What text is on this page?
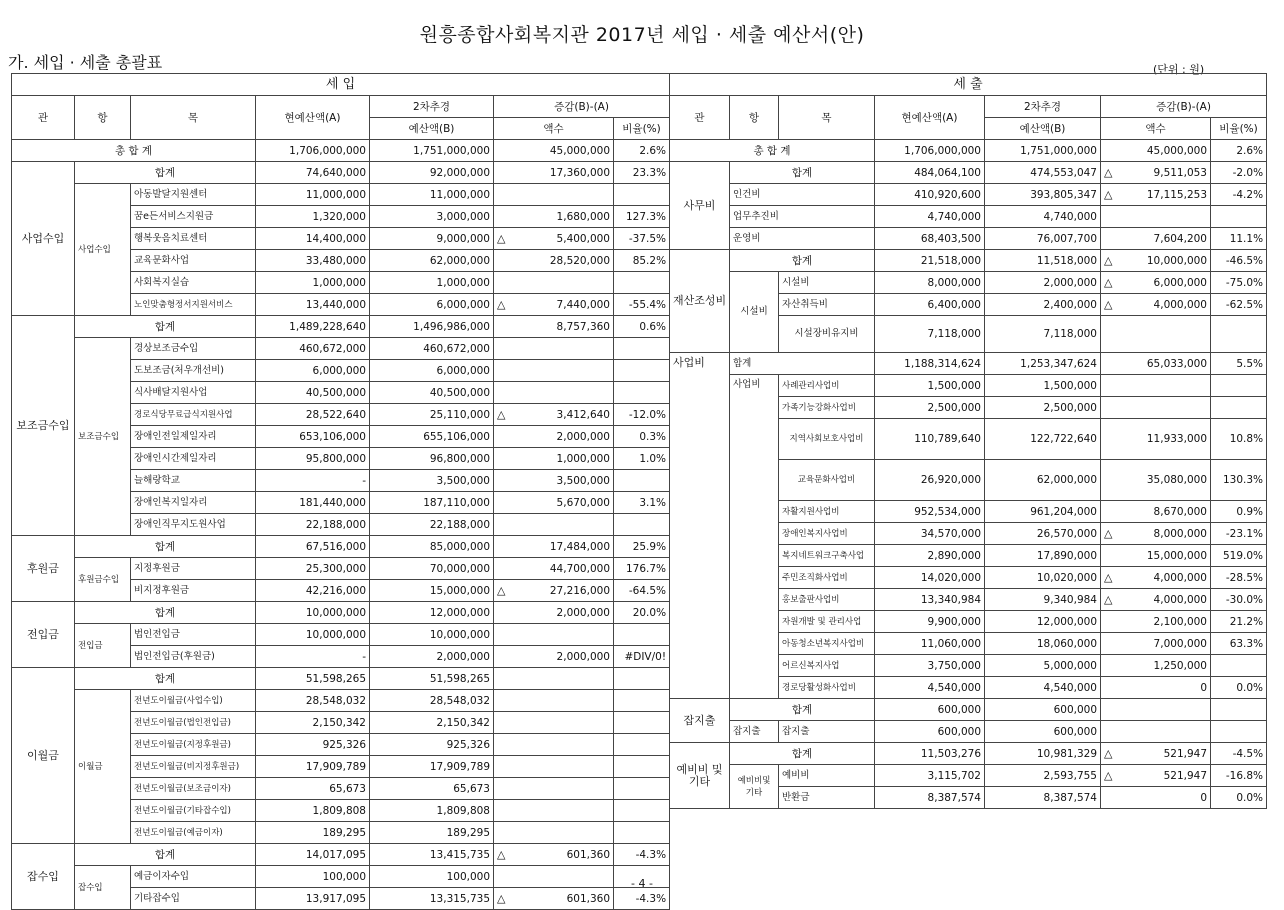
원흥종합사회복지관 2017년 세입 · 세출 예산서(안)
가. 세입 · 세출 총괄표	(단위 : 원)
세 입						
관	항	목	현예산액(A)	2차추경	증감(B)-(A)	
				예산액(B)	액수	비율(%)
총 합 계			1,706,000,000	1,751,000,000	45,000,000	2.6%
사업수입	합계		74,640,000	92,000,000	17,360,000	23.3%
	사업수입	아동발달지원센터	11,000,000	11,000,000		
		꿈e든서비스지원금	1,320,000	3,000,000	1,680,000	127.3%
		행복웃음치료센터	14,400,000	9,000,000	△ 5,400,000	-37.5%
		교육문화사업	33,480,000	62,000,000	28,520,000	85.2%
		사회복지실습	1,000,000	1,000,000		
		노인맞춤형정서지원서비스	13,440,000	6,000,000	△ 7,440,000	-55.4%
보조금수입	합계		1,489,228,640	1,496,986,000	8,757,360	0.6%
	보조금수입	경상보조금수입	460,672,000	460,672,000		
		도보조금(처우개선비)	6,000,000	6,000,000		
		식사배달지원사업	40,500,000	40,500,000		
		경로식당무료급식지원사업	28,522,640	25,110,000	△ 3,412,640	-12.0%
		장애인전일제일자리	653,106,000	655,106,000	2,000,000	0.3%
		장애인시간제일자리	95,800,000	96,800,000	1,000,000	1.0%
		늘해랑학교	-	3,500,000	3,500,000	
		장애인복지일자리	181,440,000	187,110,000	5,670,000	3.1%
		장애인직무지도원사업	22,188,000	22,188,000		
후원금	합계		67,516,000	85,000,000	17,484,000	25.9%
	후원금수입	지정후원금	25,300,000	70,000,000	44,700,000	176.7%
		비지정후원금	42,216,000	15,000,000	△ 27,216,000	-64.5%
전입금	합계		10,000,000	12,000,000	2,000,000	20.0%
	전입금	법인전입금	10,000,000	10,000,000		
		법인전입금(후원금)	-	2,000,000	2,000,000	#DIV/0!
이월금	합계		51,598,265	51,598,265		
	이월금	전년도이월금(사업수입)	28,548,032	28,548,032		
		전년도이월금(법인전입금)	2,150,342	2,150,342		
		전년도이월금(지정후원금)	925,326	925,326		
		전년도이월금(비지정후원금)	17,909,789	17,909,789		
		전년도이월금(보조금이자)	65,673	65,673		
		전년도이월금(기타잡수입)	1,809,808	1,809,808		
		전년도이월금(예금이자)	189,295	189,295		
잡수입	합계		14,017,095	13,415,735	△ 601,360	-4.3%
	잡수입	예금이자수입	100,000	100,000		
		기타잡수입	13,917,095	13,315,735	△ 601,360	-4.3%
세 출						
관	항	목	현예산액(A)	2차추경	증감(B)-(A)	
				예산액(B)	액수	비율(%)
총 합 계			1,706,000,000	1,751,000,000	45,000,000	2.6%
사무비	합계		484,064,100	474,553,047	△ 9,511,053	-2.0%
	인건비		410,920,600	393,805,347	△ 17,115,253	-4.2%
	업무추진비		4,740,000	4,740,000		
	운영비		68,403,500	76,007,700	7,604,200	11.1%
재산조성비	합계		21,518,000	11,518,000	△ 10,000,000	-46.5%
	시설비	시설비	8,000,000	2,000,000	△ 6,000,000	-75.0%
		자산취득비	6,400,000	2,400,000	△ 4,000,000	-62.5%
		시설장비유지비	7,118,000	7,118,000		
사업비	합계		1,188,314,624	1,253,347,624	65,033,000	5.5%
	사업비	사례관리사업비	1,500,000	1,500,000		
		가족기능강화사업비	2,500,000	2,500,000		
		지역사회보호사업비	110,789,640	122,722,640	11,933,000	10.8%
		교육문화사업비	26,920,000	62,000,000	35,080,000	130.3%
		자활지원사업비	952,534,000	961,204,000	8,670,000	0.9%
		장애인복지사업비	34,570,000	26,570,000	△ 8,000,000	-23.1%
		복지네트워크구축사업	2,890,000	17,890,000	15,000,000	519.0%
		주민조직화사업비	14,020,000	10,020,000	△ 4,000,000	-28.5%
		홍보출판사업비	13,340,984	9,340,984	△ 4,000,000	-30.0%
		자원개발 및 관리사업	9,900,000	12,000,000	2,100,000	21.2%
		아동청소년복지사업비	11,060,000	18,060,000	7,000,000	63.3%
		어르신복지사업	3,750,000	5,000,000	1,250,000	
		경로당활성화사업비	4,540,000	4,540,000	0	0.0%
잡지출	합계		600,000	600,000		
	잡지출	잡지출	600,000	600,000		
예비비 및 기타	합계		11,503,276	10,981,329	△ 521,947	-4.5%
	예비비및 기타	예비비	3,115,702	2,593,755	△ 521,947	-16.8%
		반환금	8,387,574	8,387,574	0	0.0%
- 4 -
